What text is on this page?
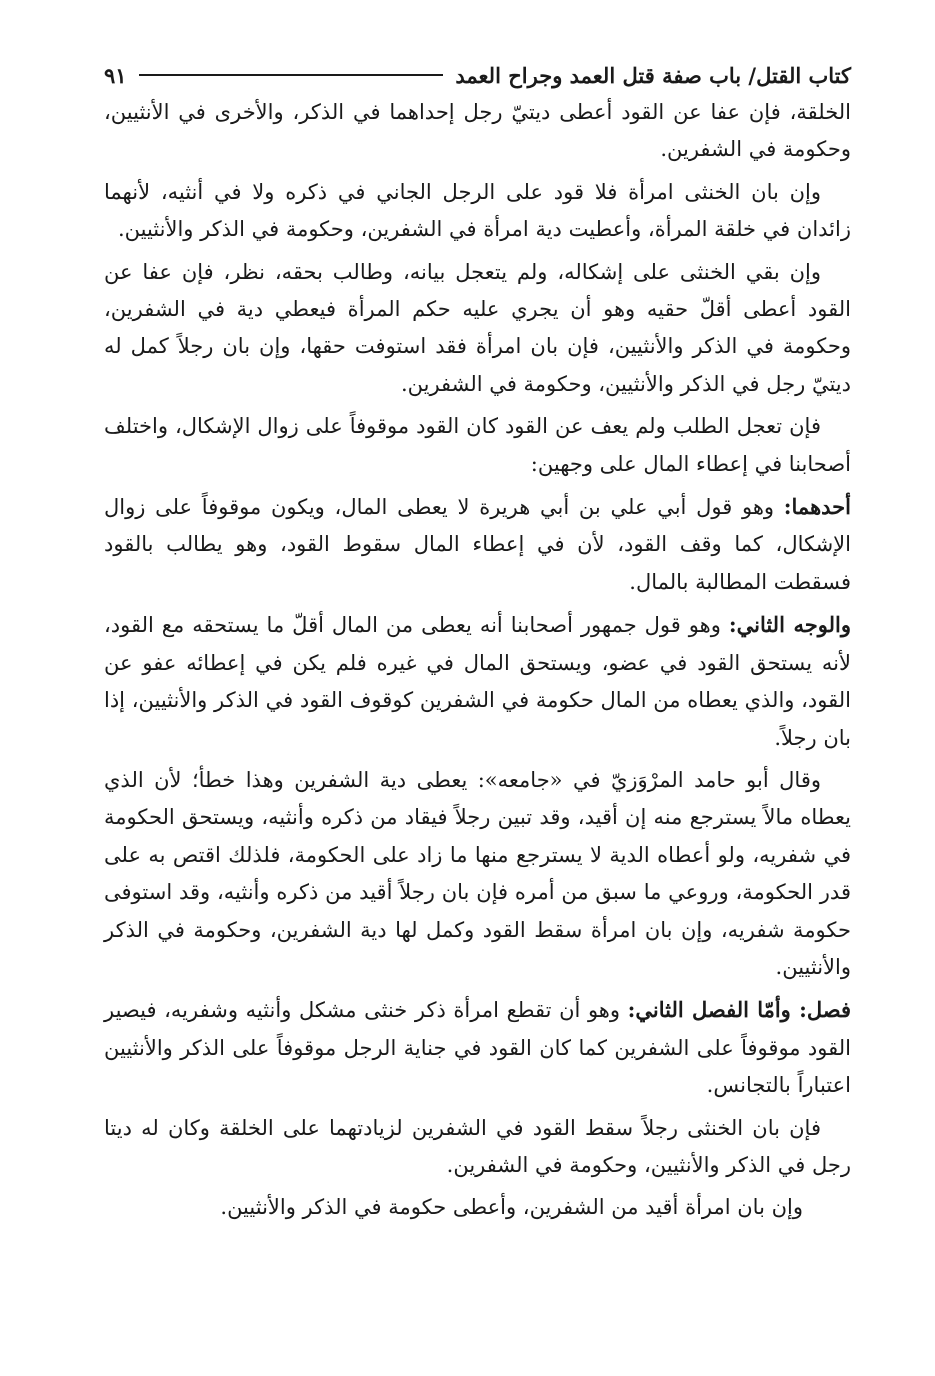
كتاب القتل/ باب صفة قتل العمد وجراح العمد
٩١

الخلقة، فإن عفا عن القود أعطى ديتيّ رجل إحداهما في الذكر، والأخرى في الأنثيين، وحكومة في الشفرين.

وإن بان الخنثى امرأة فلا قود على الرجل الجاني في ذكره ولا في أنثيه، لأنهما زائدان في خلقة المرأة، وأعطيت دية امرأة في الشفرين، وحكومة في الذكر والأنثيين.

وإن بقي الخنثى على إشكاله، ولم يتعجل بيانه، وطالب بحقه، نظر، فإن عفا عن القود أعطى أقلّ حقيه وهو أن يجري عليه حكم المرأة فيعطي دية في الشفرين، وحكومة في الذكر والأنثيين، فإن بان امرأة فقد استوفت حقها، وإن بان رجلاً كمل له ديتيّ رجل في الذكر والأنثيين، وحكومة في الشفرين.

فإن تعجل الطلب ولم يعف عن القود كان القود موقوفاً على زوال الإشكال، واختلف أصحابنا في إعطاء المال على وجهين:

أحدهما: وهو قول أبي علي بن أبي هريرة لا يعطى المال، ويكون موقوفاً على زوال الإشكال، كما وقف القود، لأن في إعطاء المال سقوط القود، وهو يطالب بالقود فسقطت المطالبة بالمال.

والوجه الثاني: وهو قول جمهور أصحابنا أنه يعطى من المال أقلّ ما يستحقه مع القود، لأنه يستحق القود في عضو، ويستحق المال في غيره فلم يكن في إعطائه عفو عن القود، والذي يعطاه من المال حكومة في الشفرين كوقوف القود في الذكر والأنثيين، إذا بان رجلاً.

وقال أبو حامد المرْوَزيّ في «جامعه»: يعطى دية الشفرين وهذا خطأ؛ لأن الذي يعطاه مالاً يسترجع منه إن أقيد، وقد تبين رجلاً فيقاد من ذكره وأنثيه، ويستحق الحكومة في شفريه، ولو أعطاه الدية لا يسترجع منها ما زاد على الحكومة، فلذلك اقتص به على قدر الحكومة، وروعي ما سبق من أمره فإن بان رجلاً أقيد من ذكره وأنثيه، وقد استوفى حكومة شفريه، وإن بان امرأة سقط القود وكمل لها دية الشفرين، وحكومة في الذكر والأنثيين.

فصل: وأمّا الفصل الثاني: وهو أن تقطع امرأة ذكر خنثى مشكل وأنثيه وشفريه، فيصير القود موقوفاً على الشفرين كما كان القود في جناية الرجل موقوفاً على الذكر والأنثيين اعتباراً بالتجانس.

فإن بان الخنثى رجلاً سقط القود في الشفرين لزيادتهما على الخلقة وكان له ديتا رجل في الذكر والأنثيين، وحكومة في الشفرين.

وإن بان امرأة أقيد من الشفرين، وأعطى حكومة في الذكر والأنثيين.
